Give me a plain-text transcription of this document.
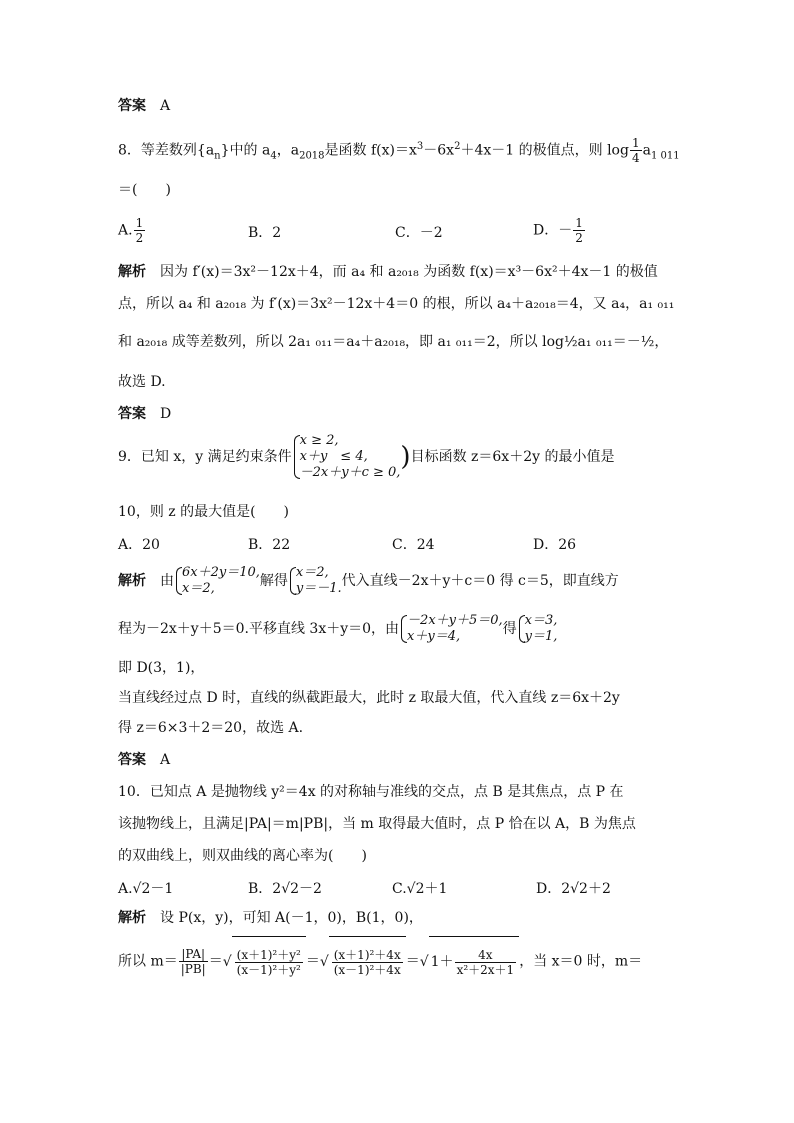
答案 A
8．等差数列$\{a_n\}$中的 $a_4$，$a_{2018}$是函数 $f(x)=x^3-6x^2+4x-1$ 的极值点，则 $\log \frac{1}{4} a_{1 011}$
＝(　　)
A. $\frac{1}{2}$	B．2	C．－2	D．－ $\frac{1}{2}$
解析 因为 f′(x)＝3x²－12x＋4，而 a₄ 和 a₂₀₁₈ 为函数 f(x)＝x³－6x²＋4x－1 的极值
点，所以 a₄ 和 a₂₀₁₈ 为 f′(x)＝3x²－12x＋4＝0 的根，所以 a₄＋a₂₀₁₈＝4，又 a₄，a₁ ₀₁₁
和 a₂₀₁₈ 成等差数列，所以 2a₁ ₀₁₁＝a₄＋a₂₀₁₈，即 a₁ ₀₁₁＝2，所以 log½a₁ ₀₁₁＝－½，
故选 D.
答案 D
9．已知 x，y 满足约束条件
x ≥ 2,
x＋y　≤ 4,
－2x＋y＋c ≥ 0,
)目标函数 z＝6x＋2y 的最小值是
10，则 z 的最大值是(　　)
A．20	B．22	C．24	D．26
解析 由
6x＋2y＝10,
x＝2,	解得
x＝2,
y＝－1. 代入直线－2x＋y＋c＝0 得 c＝5，即直线方
程为－2x＋y＋5＝0.平移直线 3x＋y＝0，由
－2x＋y＋5＝0,
x＋y＝4,	得
x＝3,
y＝1,
即 D(3，1)，
当直线经过点 D 时，直线的纵截距最大，此时 z 取最大值，代入直线 z＝6x＋2y
得 z＝6×3＋2＝20，故选 A.
答案 A
10．已知点 A 是抛物线 y²＝4x 的对称轴与准线的交点，点 B 是其焦点，点 P 在
该抛物线上，且满足|PA|＝m|PB|，当 m 取得最大值时，点 P 恰在以 A，B 为焦点
的双曲线上，则双曲线的离心率为(　　)
A.√2－1	B．2√2－2	C.√2＋1	D．2√2＋2
解析 设 P(x，y)，可知 A(－1，0)，B(1，0)，
所以 $m= \frac{|PA|}{|PB|}$ ＝√ $\frac{\text{(x＋1)²＋y²}}{\text{(x－1)²＋y²}}$ ＝√ $\frac{\text{(x＋1)²＋4x}}{\text{(x－1)²＋4x}}$ ＝√ $1+ \frac{4x}{\text{x²＋2x＋1}}$ ，当 x＝0 时，m＝
